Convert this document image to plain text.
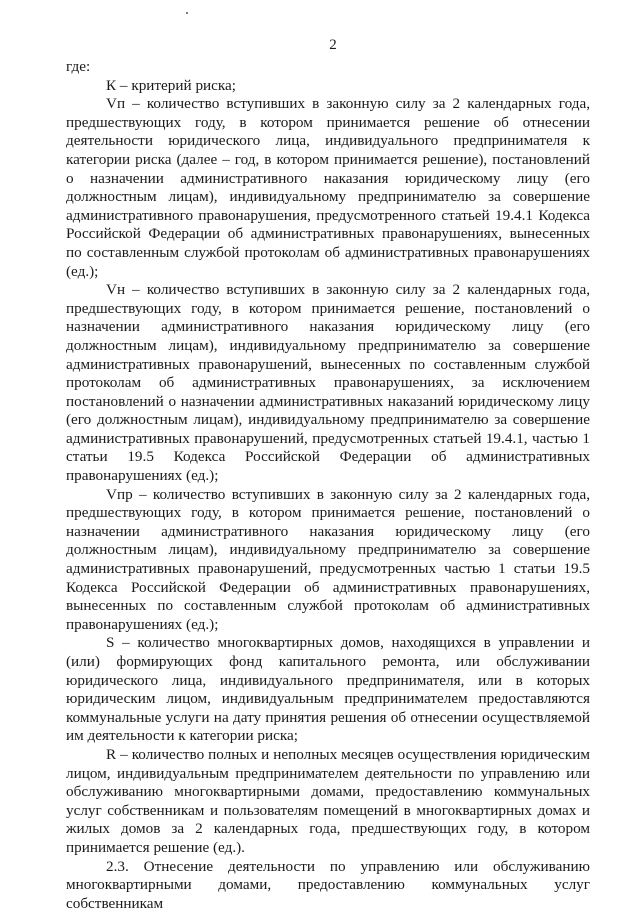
2

где:

К – критерий риска;

Vп – количество вступивших в законную силу за 2 календарных года, предшествующих году, в котором принимается решение об отнесении деятельности юридического лица, индивидуального предпринимателя к категории риска (далее – год, в котором принимается решение), постановлений о назначении административного наказания юридическому лицу (его должностным лицам), индивидуальному предпринимателю за совершение административного правонарушения, предусмотренного статьей 19.4.1 Кодекса Российской Федерации об административных правонарушениях, вынесенных по составленным службой протоколам об административных правонарушениях (ед.);

Vн – количество вступивших в законную силу за 2 календарных года, предшествующих году, в котором принимается решение, постановлений о назначении административного наказания юридическому лицу (его должностным лицам), индивидуальному предпринимателю за совершение административных правонарушений, вынесенных по составленным службой протоколам об административных правонарушениях, за исключением постановлений о назначении административных наказаний юридическому лицу (его должностным лицам), индивидуальному предпринимателю за совершение административных правонарушений, предусмотренных статьей 19.4.1, частью 1 статьи 19.5 Кодекса Российской Федерации об административных правонарушениях (ед.);

Vпр – количество вступивших в законную силу за 2 календарных года, предшествующих году, в котором принимается решение, постановлений о назначении административного наказания юридическому лицу (его должностным лицам), индивидуальному предпринимателю за совершение административных правонарушений, предусмотренных частью 1 статьи 19.5 Кодекса Российской Федерации об административных правонарушениях, вынесенных по составленным службой протоколам об административных правонарушениях (ед.);

S – количество многоквартирных домов, находящихся в управлении и (или) формирующих фонд капитального ремонта, или обслуживании юридического лица, индивидуального предпринимателя, или в которых юридическим лицом, индивидуальным предпринимателем предоставляются коммунальные услуги на дату принятия решения об отнесении осуществляемой им деятельности к категории риска;

R – количество полных и неполных месяцев осуществления юридическим лицом, индивидуальным предпринимателем деятельности по управлению или обслуживанию многоквартирными домами, предоставлению коммунальных услуг собственникам и пользователям помещений в многоквартирных домах и жилых домов за 2 календарных года, предшествующих году, в котором принимается решение (ед.).

2.3. Отнесение деятельности по управлению или обслуживанию многоквартирными домами, предоставлению коммунальных услуг собственникам
